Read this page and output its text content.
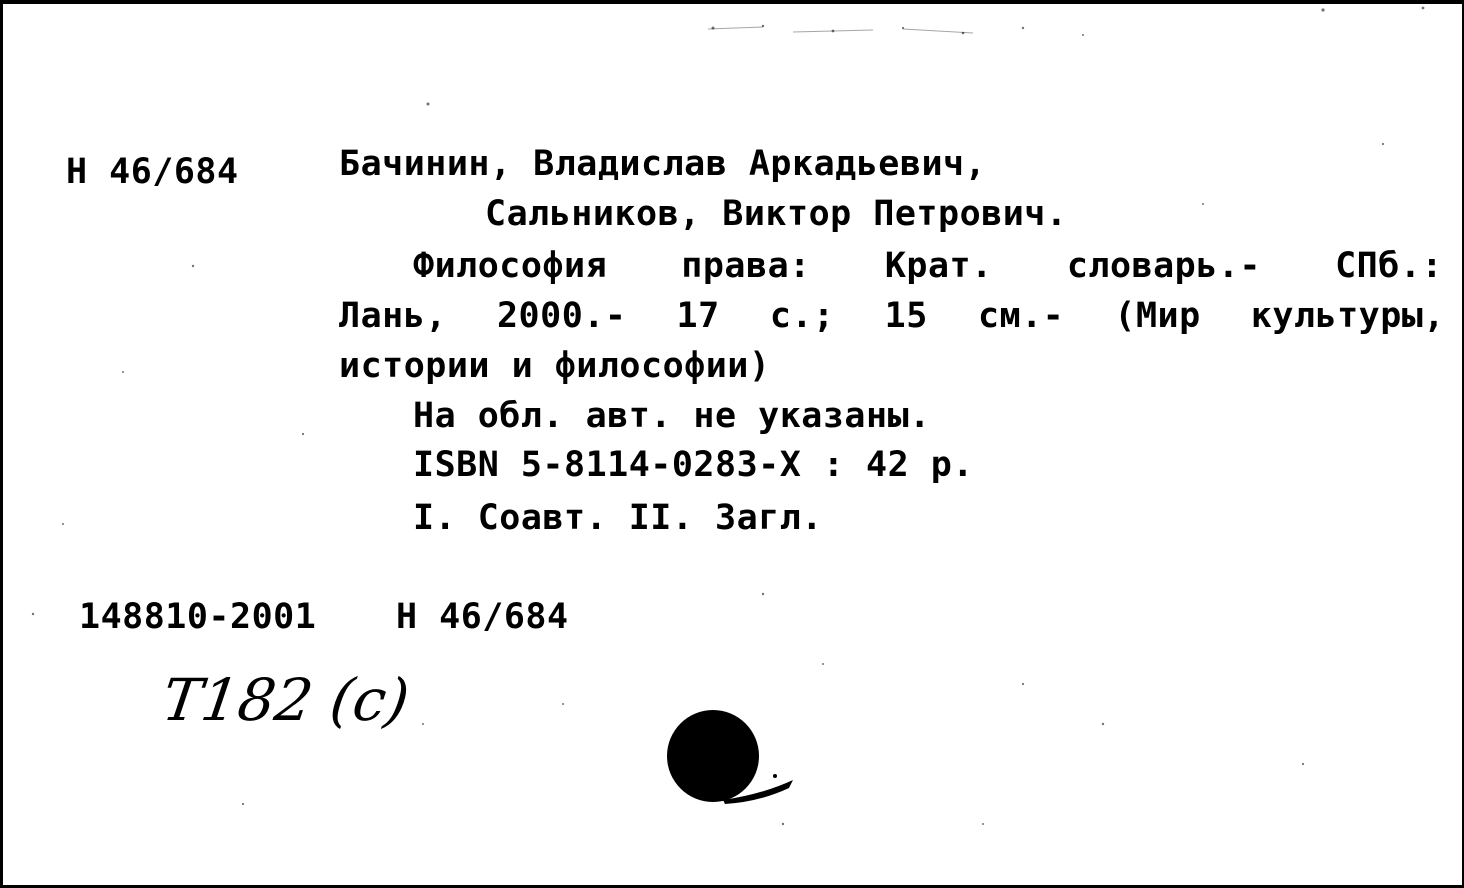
Н 46/684	Бачинин, Владислав Аркадьевич,
Сальников, Виктор Петрович.
Философия права: Крат. словарь.- СПб.:
Лань, 2000.- 17 с.; 15 см.- (Мир культуры,
истории и философии)
На обл. авт. не указаны.
ISBN 5-8114-0283-X : 42 р.
I. Соавт. II. Загл.
148810-2001 Н 46/684
T182 (c)
